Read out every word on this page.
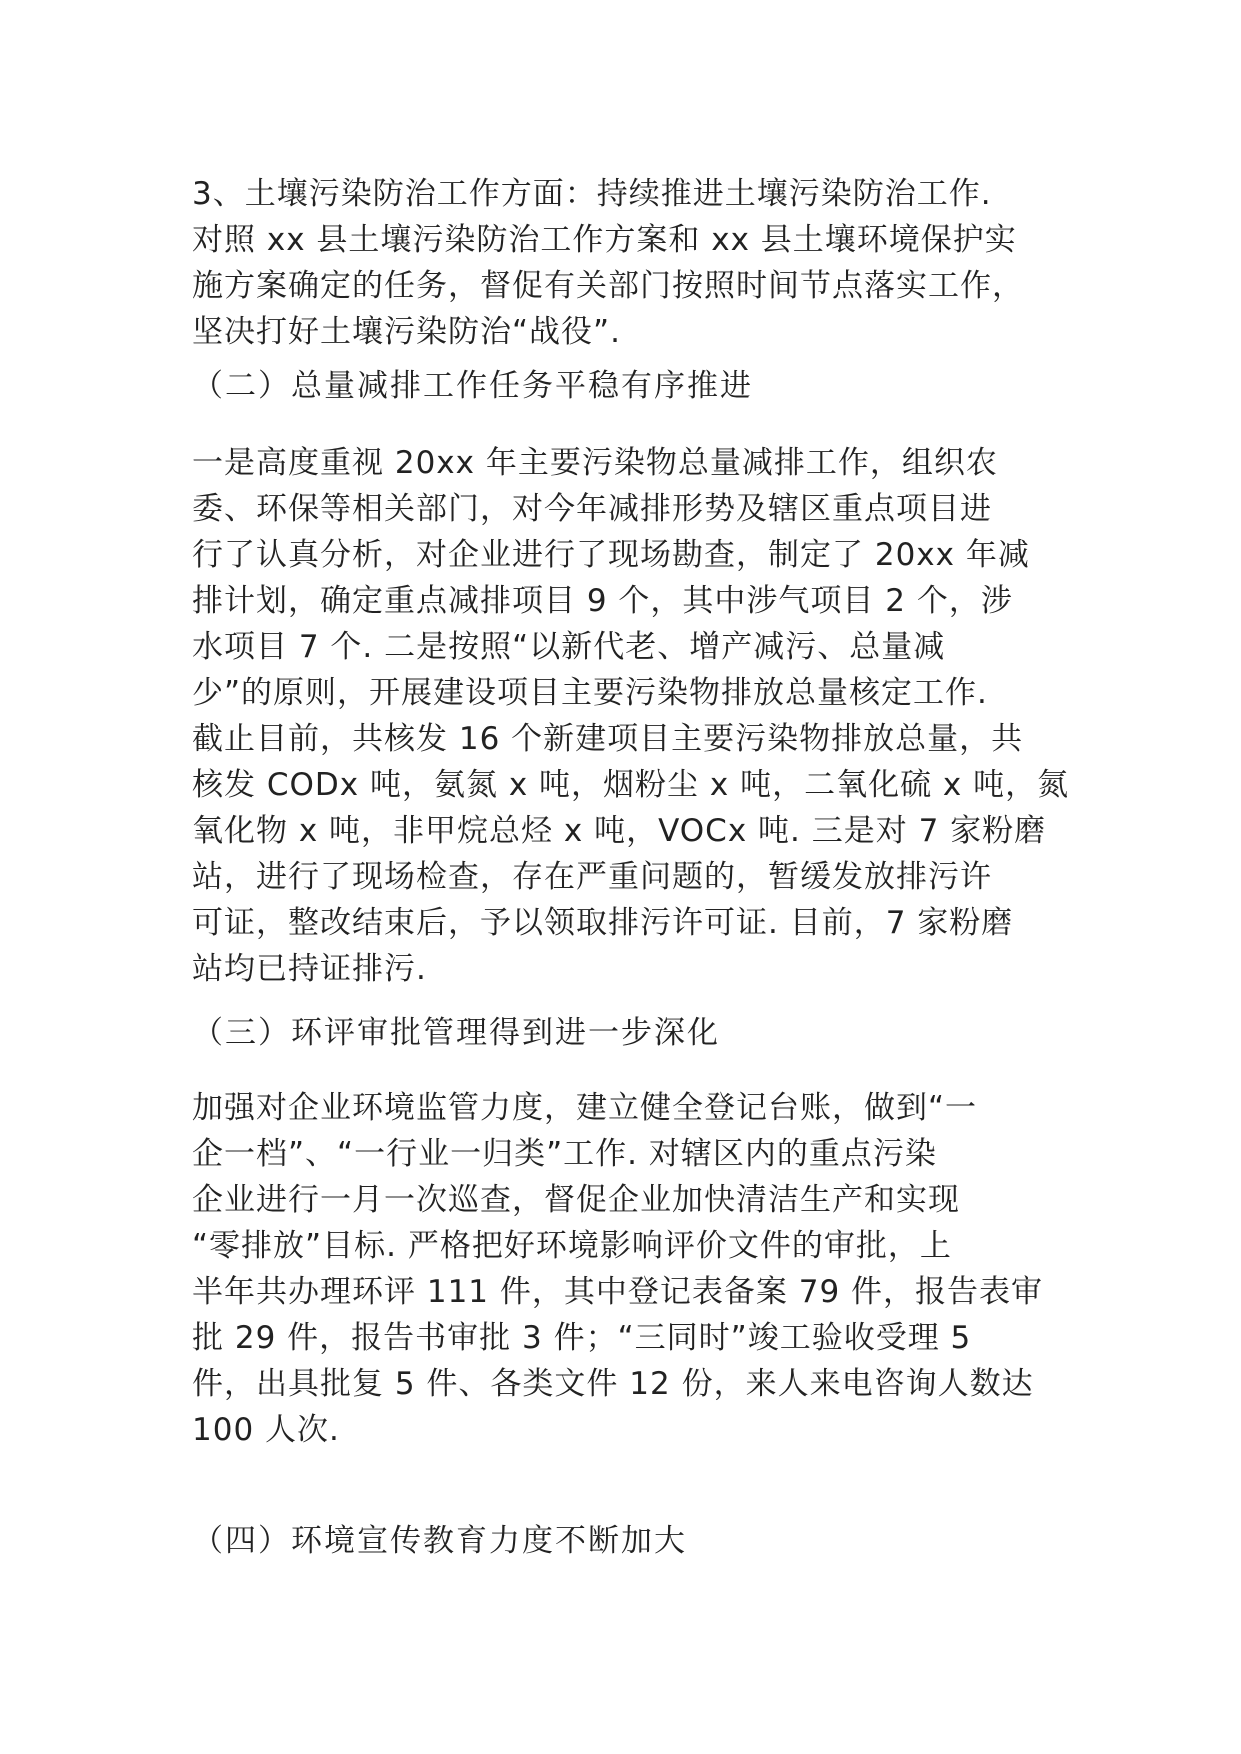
3、土壤污染防治工作方面：持续推进土壤污染防治工作.
对照 xx 县土壤污染防治工作方案和 xx 县土壤环境保护实
施方案确定的任务，督促有关部门按照时间节点落实工作，
坚决打好土壤污染防治“战役”.
（二）总量减排工作任务平稳有序推进
一是高度重视 20xx 年主要污染物总量减排工作，组织农
委、环保等相关部门，对今年减排形势及辖区重点项目进
行了认真分析，对企业进行了现场勘查，制定了 20xx 年减
排计划，确定重点减排项目 9 个，其中涉气项目 2 个，涉
水项目 7 个. 二是按照“以新代老、增产减污、总量减
少”的原则，开展建设项目主要污染物排放总量核定工作.
截止目前，共核发 16 个新建项目主要污染物排放总量，共
核发 CODx 吨，氨氮 x 吨，烟粉尘 x 吨，二氧化硫 x 吨，氮
氧化物 x 吨，非甲烷总烃 x 吨，VOCx 吨. 三是对 7 家粉磨
站，进行了现场检查，存在严重问题的，暂缓发放排污许
可证，整改结束后，予以领取排污许可证. 目前，7 家粉磨
站均已持证排污.
（三）环评审批管理得到进一步深化
加强对企业环境监管力度，建立健全登记台账，做到“一
企一档”、“一行业一归类”工作. 对辖区内的重点污染
企业进行一月一次巡查，督促企业加快清洁生产和实现
“零排放”目标. 严格把好环境影响评价文件的审批，上
半年共办理环评 111 件，其中登记表备案 79 件，报告表审
批 29 件，报告书审批 3 件；“三同时”竣工验收受理 5
件，出具批复 5 件、各类文件 12 份，来人来电咨询人数达
100 人次.
（四）环境宣传教育力度不断加大
